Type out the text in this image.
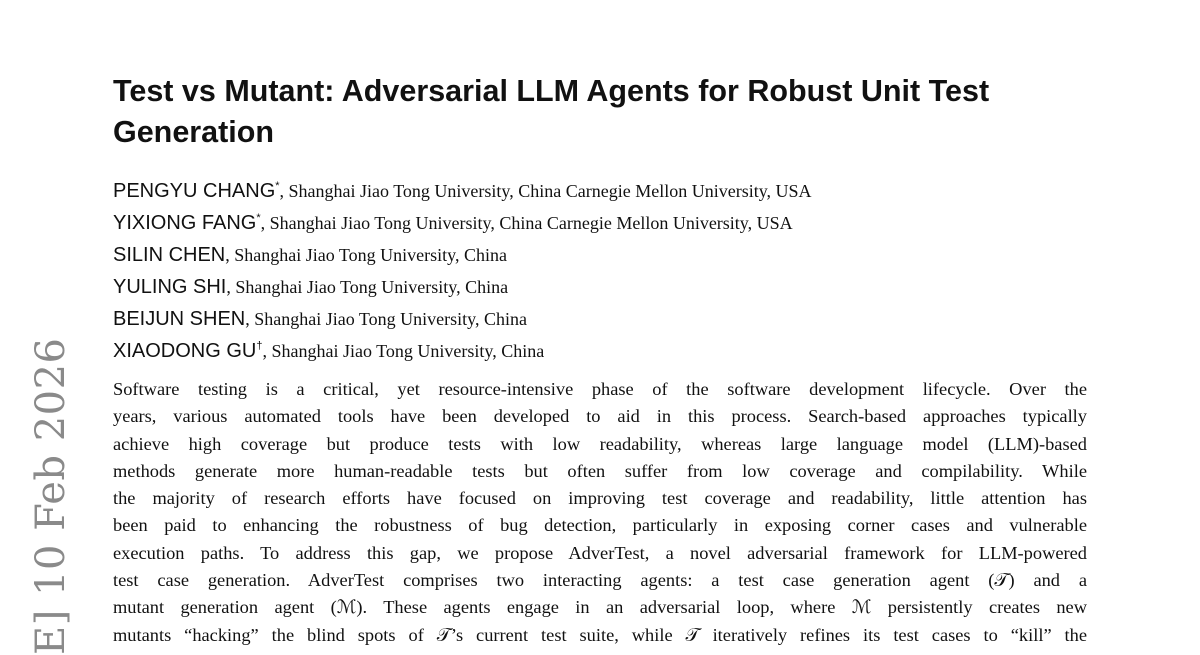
E] 10 Feb 2026
Test vs Mutant: Adversarial LLM Agents for Robust Unit Test Generation
PENGYU CHANG*, Shanghai Jiao Tong University, China Carnegie Mellon University, USA
YIXIONG FANG*, Shanghai Jiao Tong University, China Carnegie Mellon University, USA
SILIN CHEN, Shanghai Jiao Tong University, China
YULING SHI, Shanghai Jiao Tong University, China
BEIJUN SHEN, Shanghai Jiao Tong University, China
XIAODONG GU†, Shanghai Jiao Tong University, China
Software testing is a critical, yet resource-intensive phase of the software development lifecycle. Over the
years, various automated tools have been developed to aid in this process. Search-based approaches typically
achieve high coverage but produce tests with low readability, whereas large language model (LLM)-based
methods generate more human-readable tests but often suffer from low coverage and compilability. While
the majority of research efforts have focused on improving test coverage and readability, little attention has
been paid to enhancing the robustness of bug detection, particularly in exposing corner cases and vulnerable
execution paths. To address this gap, we propose AdverTest, a novel adversarial framework for LLM-powered
test case generation. AdverTest comprises two interacting agents: a test case generation agent (𝒯) and a
mutant generation agent (ℳ). These agents engage in an adversarial loop, where ℳ persistently creates new
mutants “hacking” the blind spots of 𝒯’s current test suite, while 𝒯 iteratively refines its test cases to “kill” the
